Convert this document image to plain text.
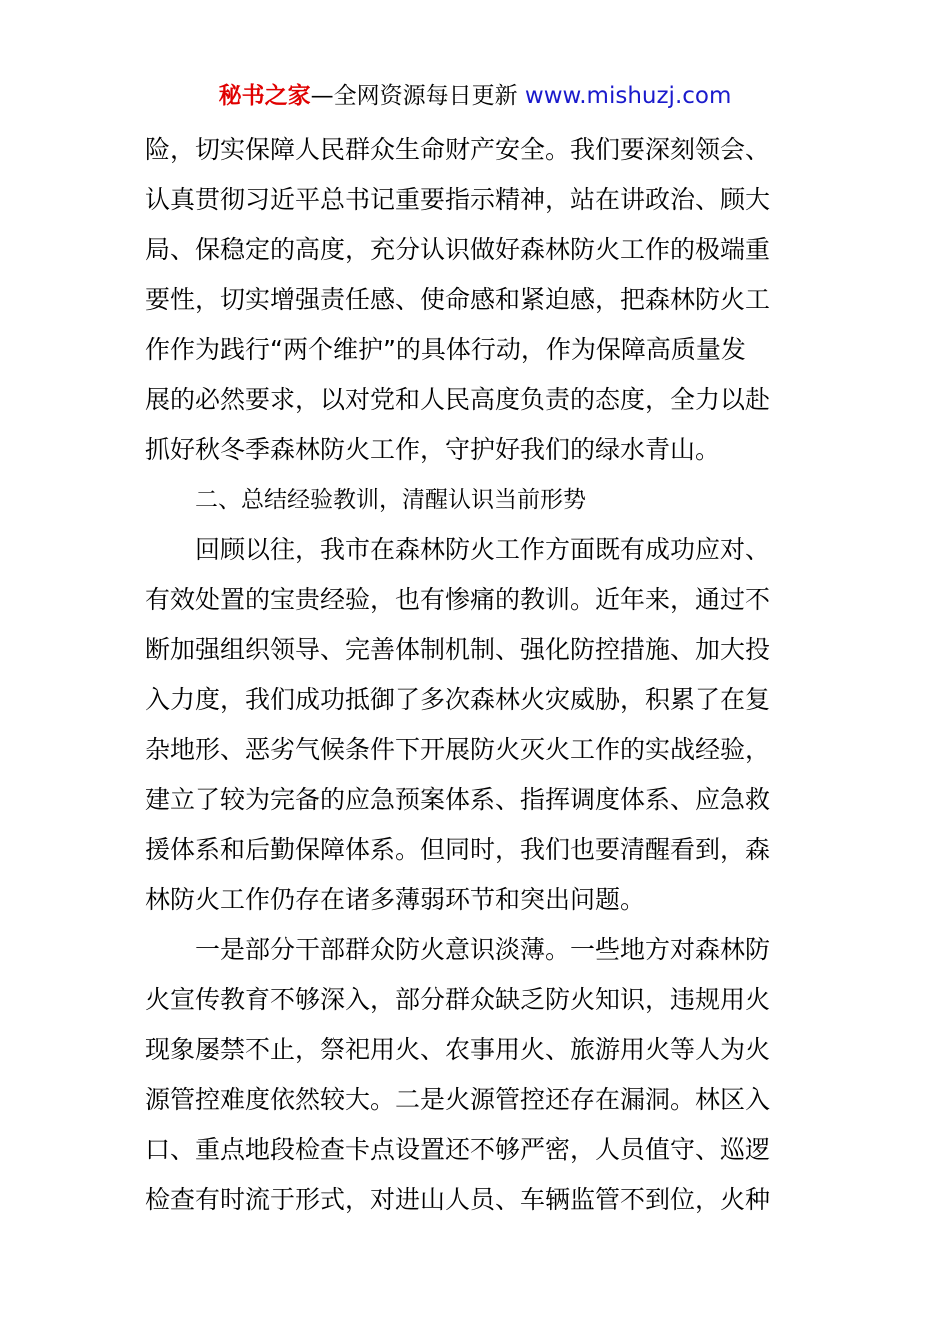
秘书之家—全网资源每日更新 www.mishuzj.com
险，切实保障人民群众生命财产安全。我们要深刻领会、
认真贯彻习近平总书记重要指示精神，站在讲政治、顾大
局、保稳定的高度，充分认识做好森林防火工作的极端重
要性，切实增强责任感、使命感和紧迫感，把森林防火工
作作为践行“两个维护”的具体行动，作为保障高质量发
展的必然要求，以对党和人民高度负责的态度，全力以赴
抓好秋冬季森林防火工作，守护好我们的绿水青山。
二、总结经验教训，清醒认识当前形势
回顾以往，我市在森林防火工作方面既有成功应对、
有效处置的宝贵经验，也有惨痛的教训。近年来，通过不
断加强组织领导、完善体制机制、强化防控措施、加大投
入力度，我们成功抵御了多次森林火灾威胁，积累了在复
杂地形、恶劣气候条件下开展防火灭火工作的实战经验，
建立了较为完备的应急预案体系、指挥调度体系、应急救
援体系和后勤保障体系。但同时，我们也要清醒看到，森
林防火工作仍存在诸多薄弱环节和突出问题。
一是部分干部群众防火意识淡薄。一些地方对森林防
火宣传教育不够深入，部分群众缺乏防火知识，违规用火
现象屡禁不止，祭祀用火、农事用火、旅游用火等人为火
源管控难度依然较大。二是火源管控还存在漏洞。林区入
口、重点地段检查卡点设置还不够严密，人员值守、巡逻
检查有时流于形式，对进山人员、车辆监管不到位，火种
